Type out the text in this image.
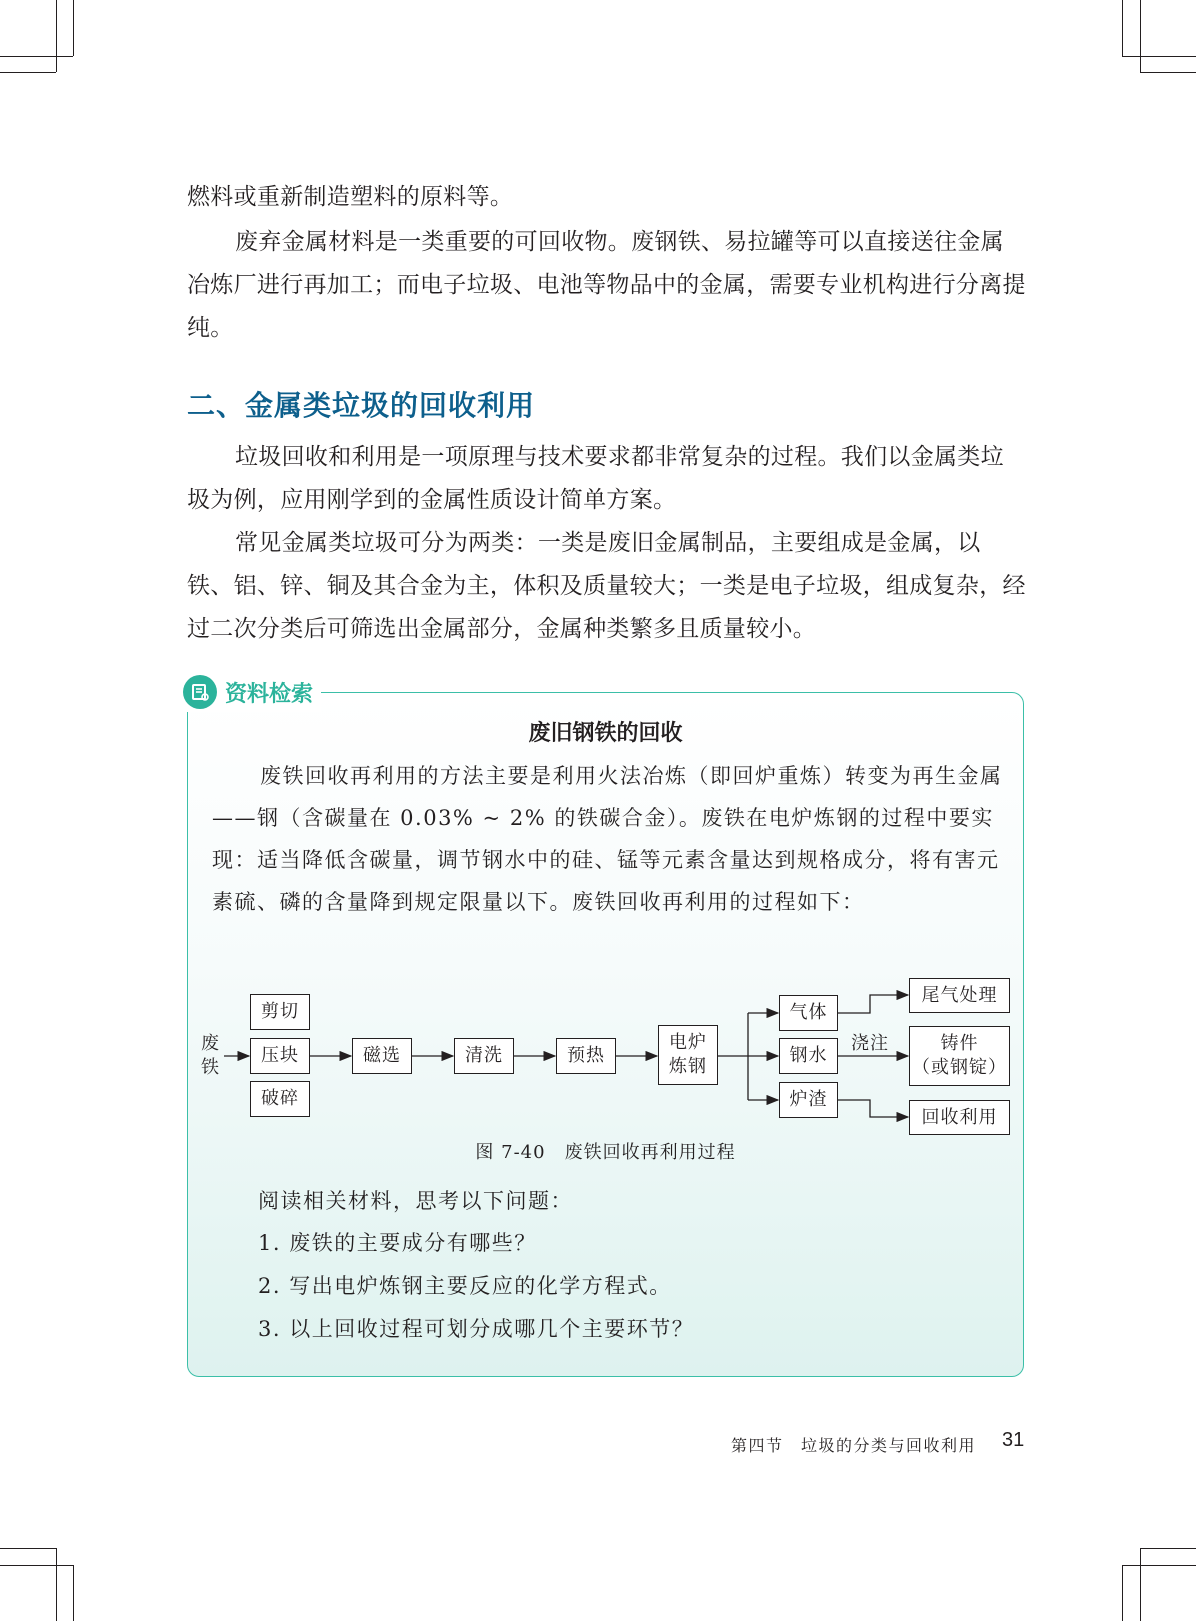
燃料或重新制造塑料的原料等。

废弃金属材料是一类重要的可回收物。废钢铁、易拉罐等可以直接送往金属冶炼厂进行再加工；而电子垃圾、电池等物品中的金属，需要专业机构进行分离提纯。

二、金属类垃圾的回收利用

垃圾回收和利用是一项原理与技术要求都非常复杂的过程。我们以金属类垃圾为例，应用刚学到的金属性质设计简单方案。

常见金属类垃圾可分为两类：一类是废旧金属制品，主要组成是金属，以铁、铝、锌、铜及其合金为主，体积及质量较大；一类是电子垃圾，组成复杂，经过二次分类后可筛选出金属部分，金属种类繁多且质量较小。

资料检索
废旧钢铁的回收

废铁回收再利用的方法主要是利用火法冶炼（即回炉重炼）转变为再生金属——钢（含碳量在 0.03% ~ 2% 的铁碳合金）。废铁在电炉炼钢的过程中要实现：适当降低含碳量，调节钢水中的硅、锰等元素含量达到规格成分，将有害元素硫、磷的含量降到规定限量以下。废铁回收再利用的过程如下：

废
铁
剪切
压块
破碎
磁选	清洗	预热
电炉
炼钢
气体
钢水
炉渣
浇注
尾气处理
铸件
（或钢锭）
回收利用

图 7-40　废铁回收再利用过程

阅读相关材料，思考以下问题：

1. 废铁的主要成分有哪些？

2. 写出电炉炼钢主要反应的化学方程式。

3. 以上回收过程可划分成哪几个主要环节？

第四节　垃圾的分类与回收利用 31
